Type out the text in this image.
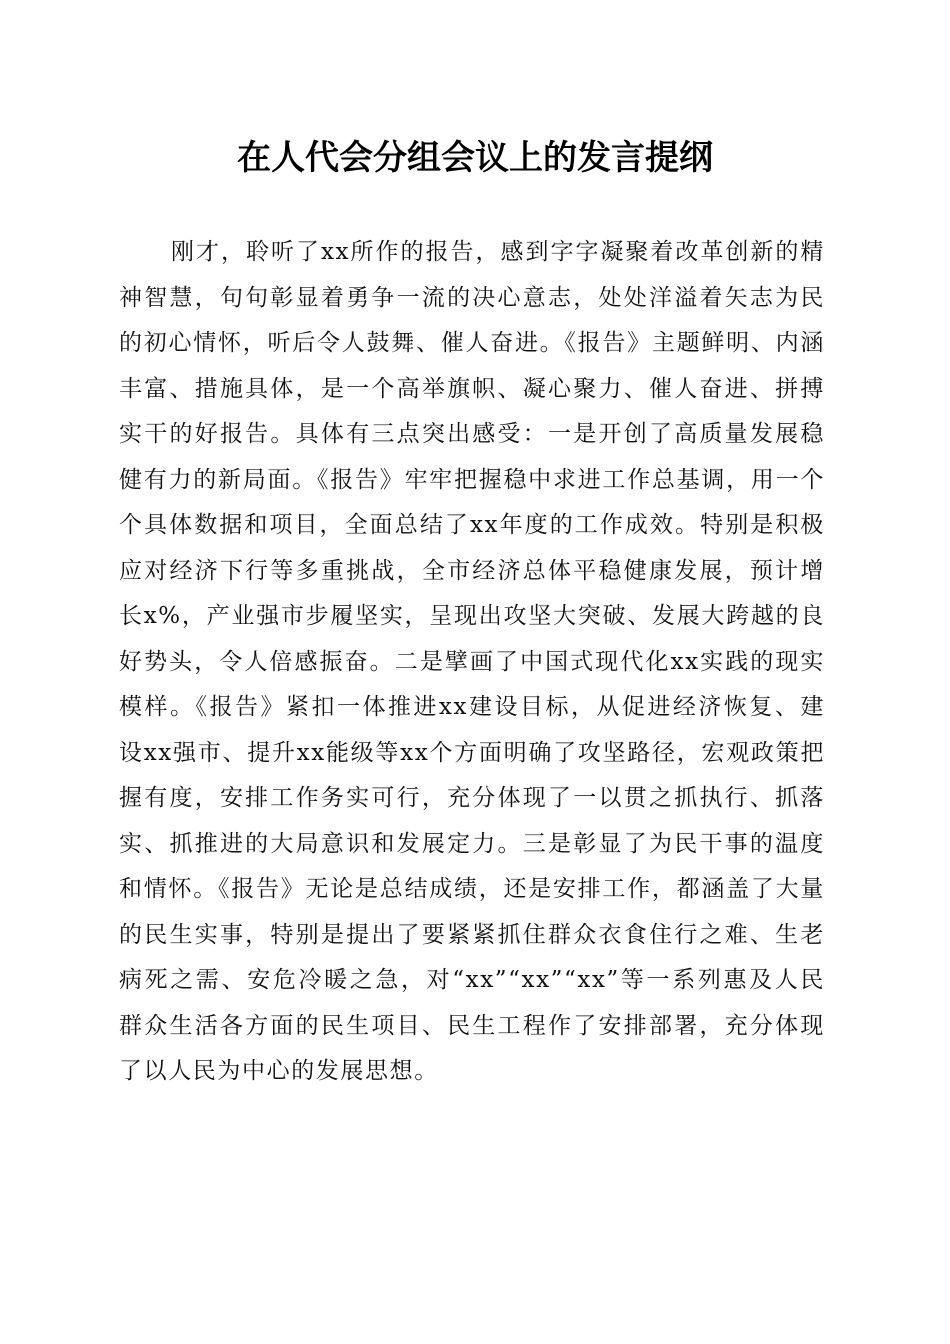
在人代会分组会议上的发言提纲

刚才，聆听了xx所作的报告，感到字字凝聚着改革创新的精神智慧，句句彰显着勇争一流的决心意志，处处洋溢着矢志为民的初心情怀，听后令人鼓舞、催人奋进。《报告》主题鲜明、内涵丰富、措施具体，是一个高举旗帜、凝心聚力、催人奋进、拼搏实干的好报告。具体有三点突出感受：一是开创了高质量发展稳健有力的新局面。《报告》牢牢把握稳中求进工作总基调，用一个个具体数据和项目，全面总结了xx年度的工作成效。特别是积极应对经济下行等多重挑战，全市经济总体平稳健康发展，预计增长x%，产业强市步履坚实，呈现出攻坚大突破、发展大跨越的良好势头，令人倍感振奋。二是擘画了中国式现代化xx实践的现实模样。《报告》紧扣一体推进xx建设目标，从促进经济恢复、建设xx强市、提升xx能级等xx个方面明确了攻坚路径，宏观政策把握有度，安排工作务实可行，充分体现了一以贯之抓执行、抓落实、抓推进的大局意识和发展定力。三是彰显了为民干事的温度和情怀。《报告》无论是总结成绩，还是安排工作，都涵盖了大量的民生实事，特别是提出了要紧紧抓住群众衣食住行之难、生老病死之需、安危冷暖之急，对“xx”“xx”“xx”等一系列惠及人民群众生活各方面的民生项目、民生工程作了安排部署，充分体现了以人民为中心的发展思想。
